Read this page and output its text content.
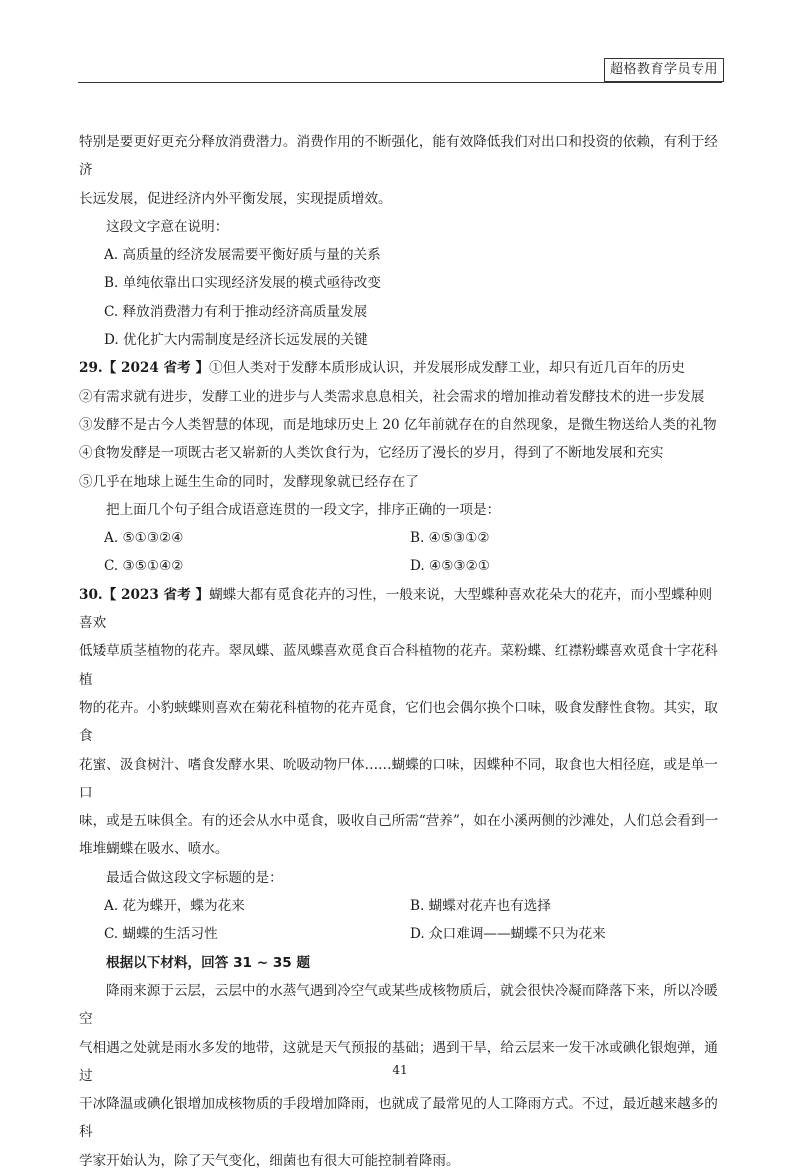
超格教育学员专用

特别是要更好更充分释放消费潜力。消费作用的不断强化，能有效降低我们对出口和投资的依赖，有利于经济

长远发展，促进经济内外平衡发展，实现提质增效。

这段文字意在说明：

A. 高质量的经济发展需要平衡好质与量的关系

B. 单纯依靠出口实现经济发展的模式亟待改变

C. 释放消费潜力有利于推动经济高质量发展

D. 优化扩大内需制度是经济长远发展的关键

29.【 2024 省考 】①但人类对于发酵本质形成认识，并发展形成发酵工业，却只有近几百年的历史

②有需求就有进步，发酵工业的进步与人类需求息息相关，社会需求的增加推动着发酵技术的进一步发展

③发酵不是古今人类智慧的体现，而是地球历史上 20 亿年前就存在的自然现象，是微生物送给人类的礼物

④食物发酵是一项既古老又崭新的人类饮食行为，它经历了漫长的岁月，得到了不断地发展和充实

⑤几乎在地球上诞生生命的同时，发酵现象就已经存在了

把上面几个句子组合成语意连贯的一段文字，排序正确的一项是：

A. ⑤①③②④	B. ④⑤③①②
C. ③⑤①④②	D. ④⑤③②①

30.【 2023 省考 】蝴蝶大都有觅食花卉的习性，一般来说，大型蝶种喜欢花朵大的花卉，而小型蝶种则喜欢

低矮草质茎植物的花卉。翠凤蝶、蓝凤蝶喜欢觅食百合科植物的花卉。菜粉蝶、红襟粉蝶喜欢觅食十字花科植

物的花卉。小豹蛱蝶则喜欢在菊花科植物的花卉觅食，它们也会偶尔换个口味，吸食发酵性食物。其实，取食

花蜜、汲食树汁、嗜食发酵水果、吮吸动物尸体……蝴蝶的口味，因蝶种不同，取食也大相径庭，或是单一口

味，或是五味俱全。有的还会从水中觅食，吸收自己所需“营养”，如在小溪两侧的沙滩处，人们总会看到一

堆堆蝴蝶在吸水、喷水。

最适合做这段文字标题的是：

A. 花为蝶开，蝶为花来	B. 蝴蝶对花卉也有选择
C. 蝴蝶的生活习性	D. 众口难调——蝴蝶不只为花来

根据以下材料，回答 31 ~ 35 题

降雨来源于云层，云层中的水蒸气遇到冷空气或某些成核物质后，就会很快冷凝而降落下来，所以冷暖空

气相遇之处就是雨水多发的地带，这就是天气预报的基础；遇到干旱，给云层来一发干冰或碘化银炮弹，通过

干冰降温或碘化银增加成核物质的手段增加降雨，也就成了最常见的人工降雨方式。不过，最近越来越多的科

学家开始认为，除了天气变化，细菌也有很大可能控制着降雨。

41
